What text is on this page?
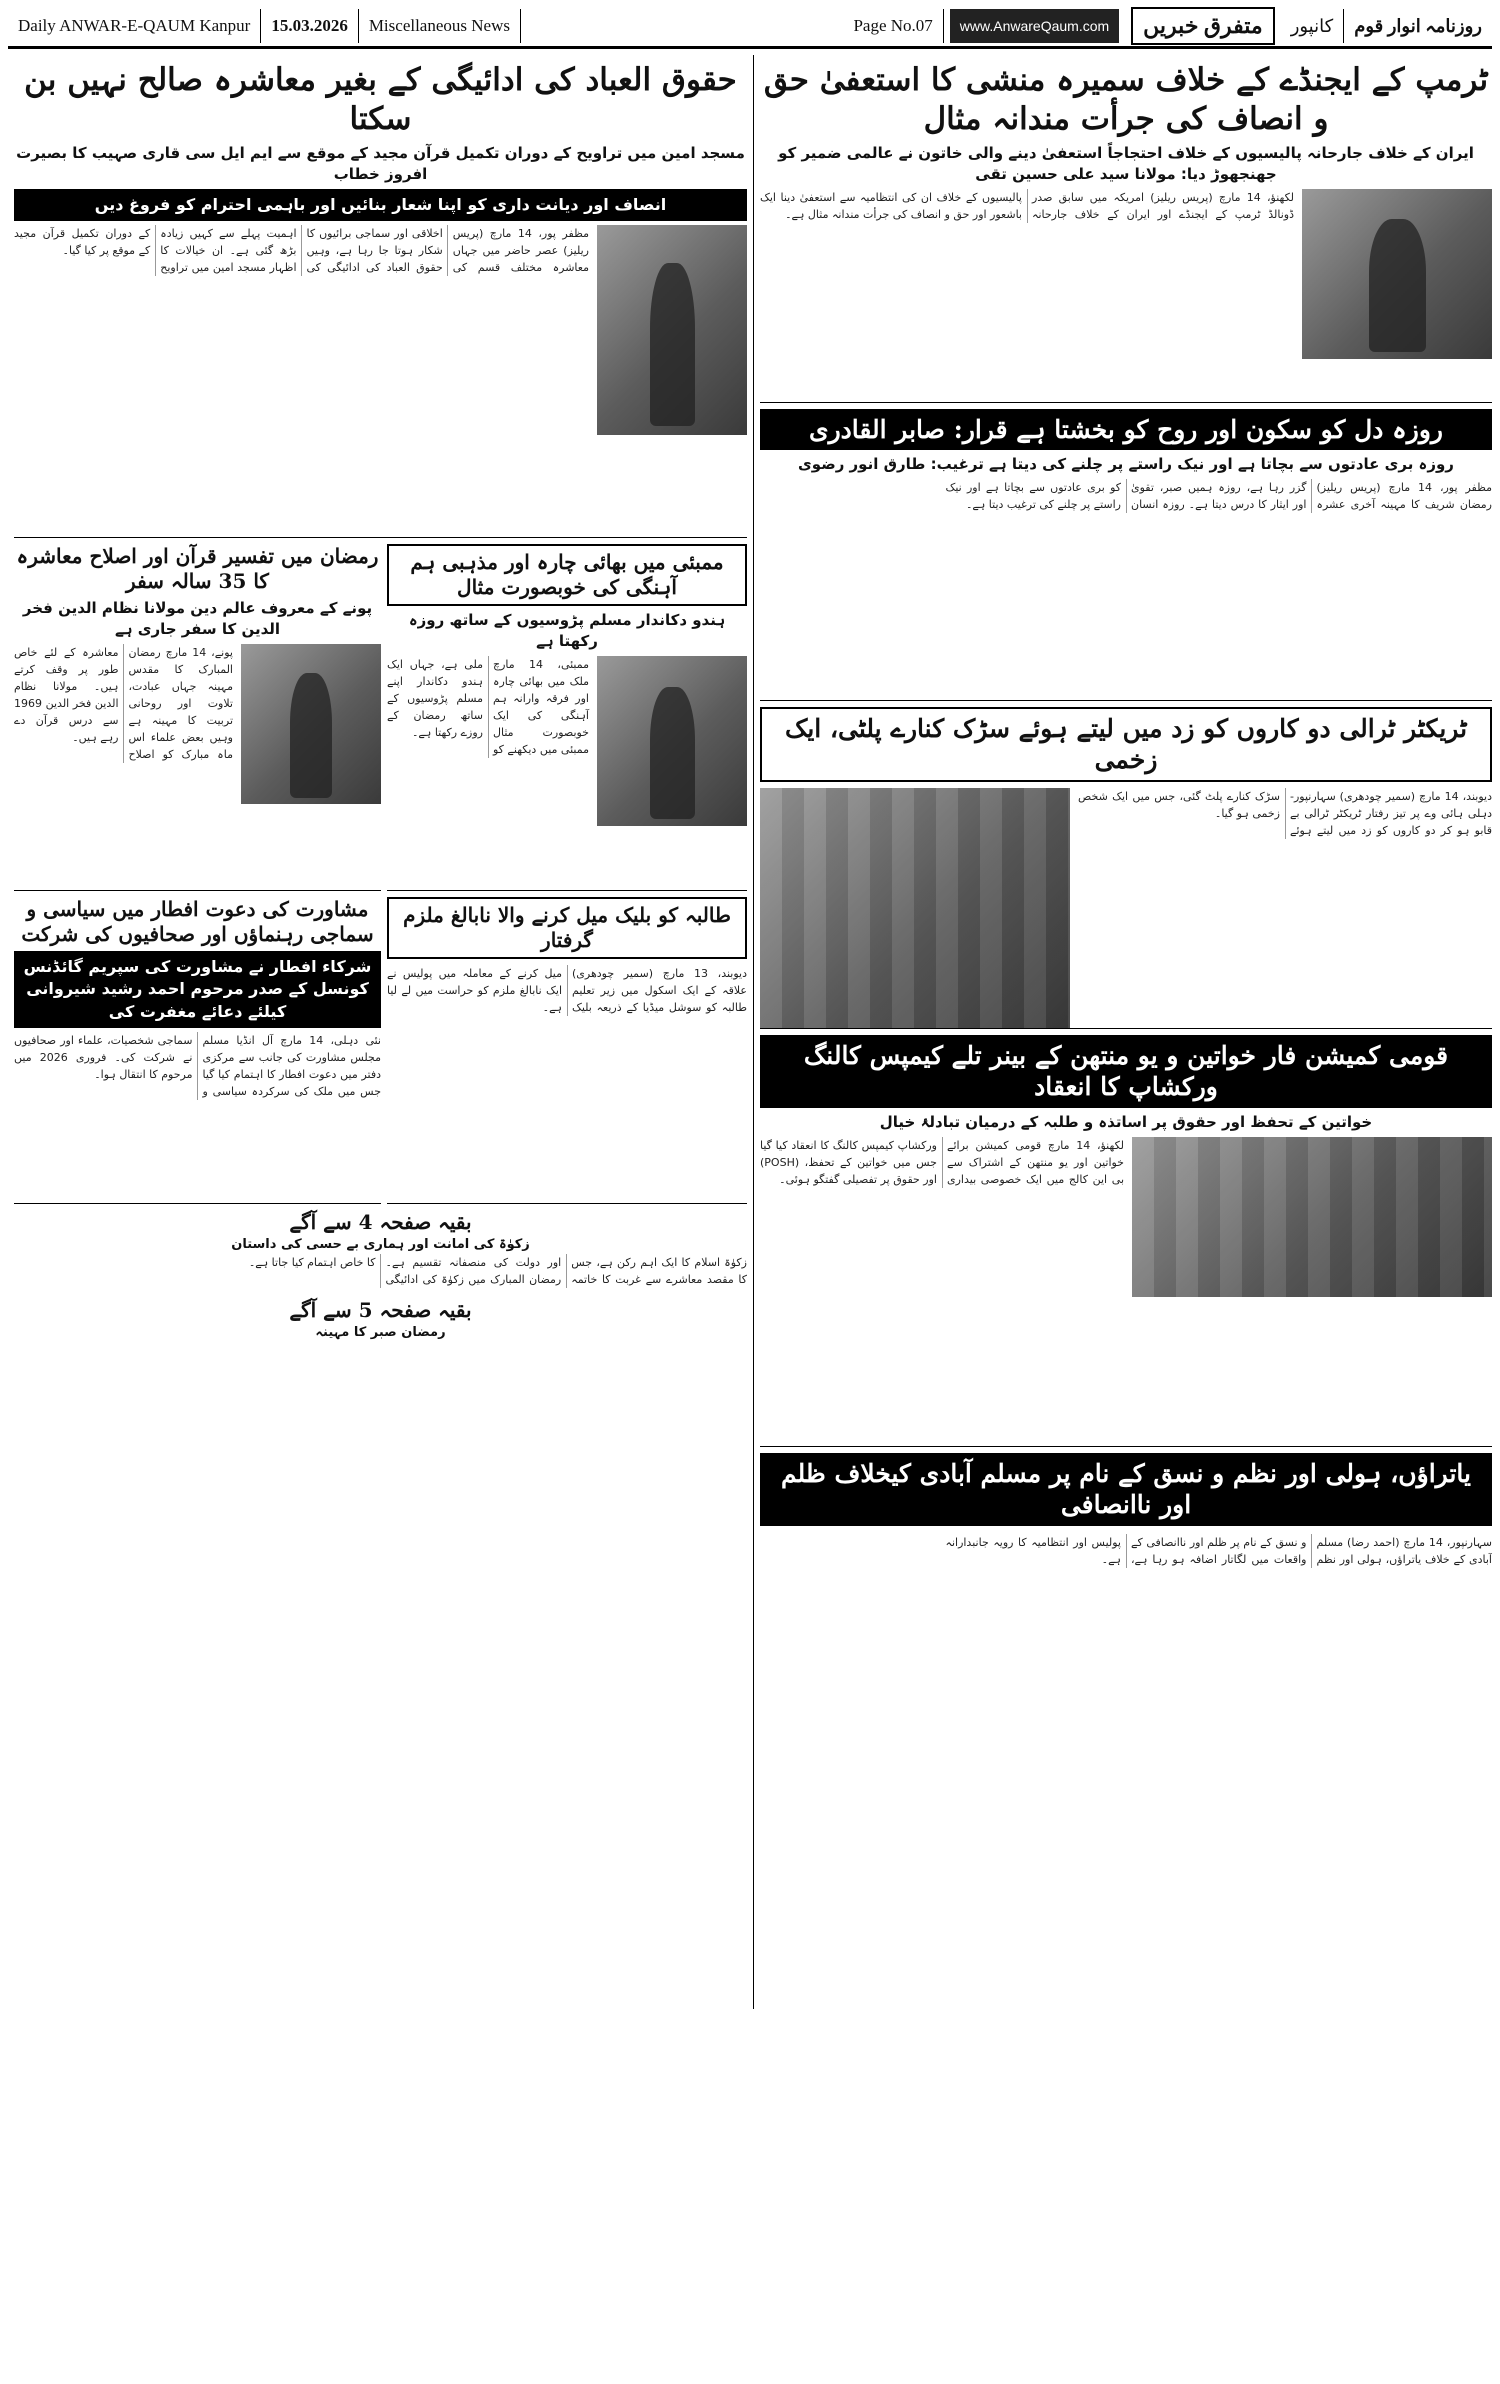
Daily ANWAR-E-QAUM Kanpur	15.03.2026	Miscellaneous News	Page No.07	www.AnwareQaum.com	متفرق خبریں	کانپور	روزنامہ انوار قوم
ٹرمپ کے ایجنڈے کے خلاف سمیرہ منشی کا استعفیٰ حق و انصاف کی جرأت مندانہ مثال
ایران کے خلاف جارحانہ پالیسیوں کے خلاف احتجاجاً استعفیٰ دینے والی خاتون نے عالمی ضمیر کو جھنجھوڑ دیا: مولانا سید علی حسین تقی
لکھنؤ، 14 مارچ (پریس ریلیز) امریکہ میں سابق صدر ڈونالڈ ٹرمپ کے ایجنڈے اور ایران کے خلاف جارحانہ پالیسیوں کے خلاف ان کی انتظامیہ سے استعفیٰ دینا ایک باشعور اور حق و انصاف کی جرأت مندانہ مثال ہے۔
روزہ دل کو سکون اور روح کو بخشتا ہے قرار: صابر القادری
روزہ بری عادتوں سے بچاتا ہے اور نیک راستے پر چلنے کی دیتا ہے ترغیب: طارق انور رضوی
مظفر پور، 14 مارچ (پریس ریلیز) رمضان شریف کا مہینہ آخری عشرہ گزر رہا ہے، روزہ ہمیں صبر، تقویٰ اور ایثار کا درس دیتا ہے۔ روزہ انسان کو بری عادتوں سے بچاتا ہے اور نیک راستے پر چلنے کی ترغیب دیتا ہے۔
ٹریکٹر ٹرالی دو کاروں کو زد میں لیتے ہوئے سڑک کنارے پلٹی، ایک زخمی
دیوبند، 14 مارچ (سمیر چودھری) سہارنپور-دہلی ہائی وے پر تیز رفتار ٹریکٹر ٹرالی بے قابو ہو کر دو کاروں کو زد میں لیتے ہوئے سڑک کنارے پلٹ گئی، جس میں ایک شخص زخمی ہو گیا۔
قومی کمیشن فار خواتین و یو منتھن کے بینر تلے کیمپس کالنگ ورکشاپ کا انعقاد
خواتین کے تحفظ اور حقوق پر اساتذہ و طلبہ کے درمیان تبادلۂ خیال
لکھنؤ، 14 مارچ قومی کمیشن برائے خواتین اور یو منتھن کے اشتراک سے بی این کالج میں ایک خصوصی بیداری ورکشاپ کیمپس کالنگ کا انعقاد کیا گیا جس میں خواتین کے تحفظ، (POSH) اور حقوق پر تفصیلی گفتگو ہوئی۔
یاتراؤں، ہولی اور نظم و نسق کے نام پر مسلم آبادی کیخلاف ظلم اور ناانصافی
سہارنپور، 14 مارچ (احمد رضا) مسلم آبادی کے خلاف یاتراؤں، ہولی اور نظم و نسق کے نام پر ظلم اور ناانصافی کے واقعات میں لگاتار اضافہ ہو رہا ہے، پولیس اور انتظامیہ کا رویہ جانبدارانہ ہے۔
حقوق العباد کی ادائیگی کے بغیر معاشرہ صالح نہیں بن سکتا
مسجد امین میں تراویح کے دوران تکمیل قرآن مجید کے موقع سے ایم ایل سی قاری صہیب کا بصیرت افروز خطاب
انصاف اور دیانت داری کو اپنا شعار بنائیں اور باہمی احترام کو فروغ دیں
مظفر پور، 14 مارچ (پریس ریلیز) عصر حاضر میں جہاں معاشرہ مختلف قسم کی اخلاقی اور سماجی برائیوں کا شکار ہوتا جا رہا ہے، وہیں حقوق العباد کی ادائیگی کی اہمیت پہلے سے کہیں زیادہ بڑھ گئی ہے۔ ان خیالات کا اظہار مسجد امین میں تراویح کے دوران تکمیل قرآن مجید کے موقع پر کیا گیا۔
ممبئی میں بھائی چارہ اور مذہبی ہم آہنگی کی خوبصورت مثال
ہندو دکاندار مسلم پڑوسیوں کے ساتھ روزہ رکھتا ہے
ممبئی، 14 مارچ ملک میں بھائی چارہ اور فرقہ وارانہ ہم آہنگی کی ایک خوبصورت مثال ممبئی میں دیکھنے کو ملی ہے، جہاں ایک ہندو دکاندار اپنے مسلم پڑوسیوں کے ساتھ رمضان کے روزے رکھتا ہے۔
رمضان میں تفسیر قرآن اور اصلاح معاشرہ کا 35 سالہ سفر
پونے کے معروف عالم دین مولانا نظام الدین فخر الدین کا سفر جاری ہے
پونے، 14 مارچ رمضان المبارک کا مقدس مہینہ جہاں عبادت، تلاوت اور روحانی تربیت کا مہینہ ہے وہیں بعض علماء اس ماہ مبارک کو اصلاح معاشرہ کے لئے خاص طور پر وقف کرتے ہیں۔ مولانا نظام الدین فخر الدین 1969 سے درس قرآن دے رہے ہیں۔
طالبہ کو بلیک میل کرنے والا نابالغ ملزم گرفتار
دیوبند، 13 مارچ (سمیر چودھری) علاقہ کے ایک اسکول میں زیر تعلیم طالبہ کو سوشل میڈیا کے ذریعہ بلیک میل کرنے کے معاملہ میں پولیس نے ایک نابالغ ملزم کو حراست میں لے لیا ہے۔
مشاورت کی دعوت افطار میں سیاسی و سماجی رہنماؤں اور صحافیوں کی شرکت
شرکاء افطار نے مشاورت کی سپریم گائڈنس کونسل کے صدر مرحوم احمد رشید شیروانی کیلئے دعائے مغفرت کی
نئی دہلی، 14 مارچ آل انڈیا مسلم مجلس مشاورت کی جانب سے مرکزی دفتر میں دعوت افطار کا اہتمام کیا گیا جس میں ملک کی سرکردہ سیاسی و سماجی شخصیات، علماء اور صحافیوں نے شرکت کی۔ فروری 2026 میں مرحوم کا انتقال ہوا۔
بقیہ صفحہ 4 سے آگے
زکوٰۃ کی امانت اور ہماری بے حسی کی داستان
زکوٰۃ اسلام کا ایک اہم رکن ہے، جس کا مقصد معاشرے سے غربت کا خاتمہ اور دولت کی منصفانہ تقسیم ہے۔ رمضان المبارک میں زکوٰۃ کی ادائیگی کا خاص اہتمام کیا جاتا ہے۔
بقیہ صفحہ 5 سے آگے
رمضان صبر کا مہینہ
